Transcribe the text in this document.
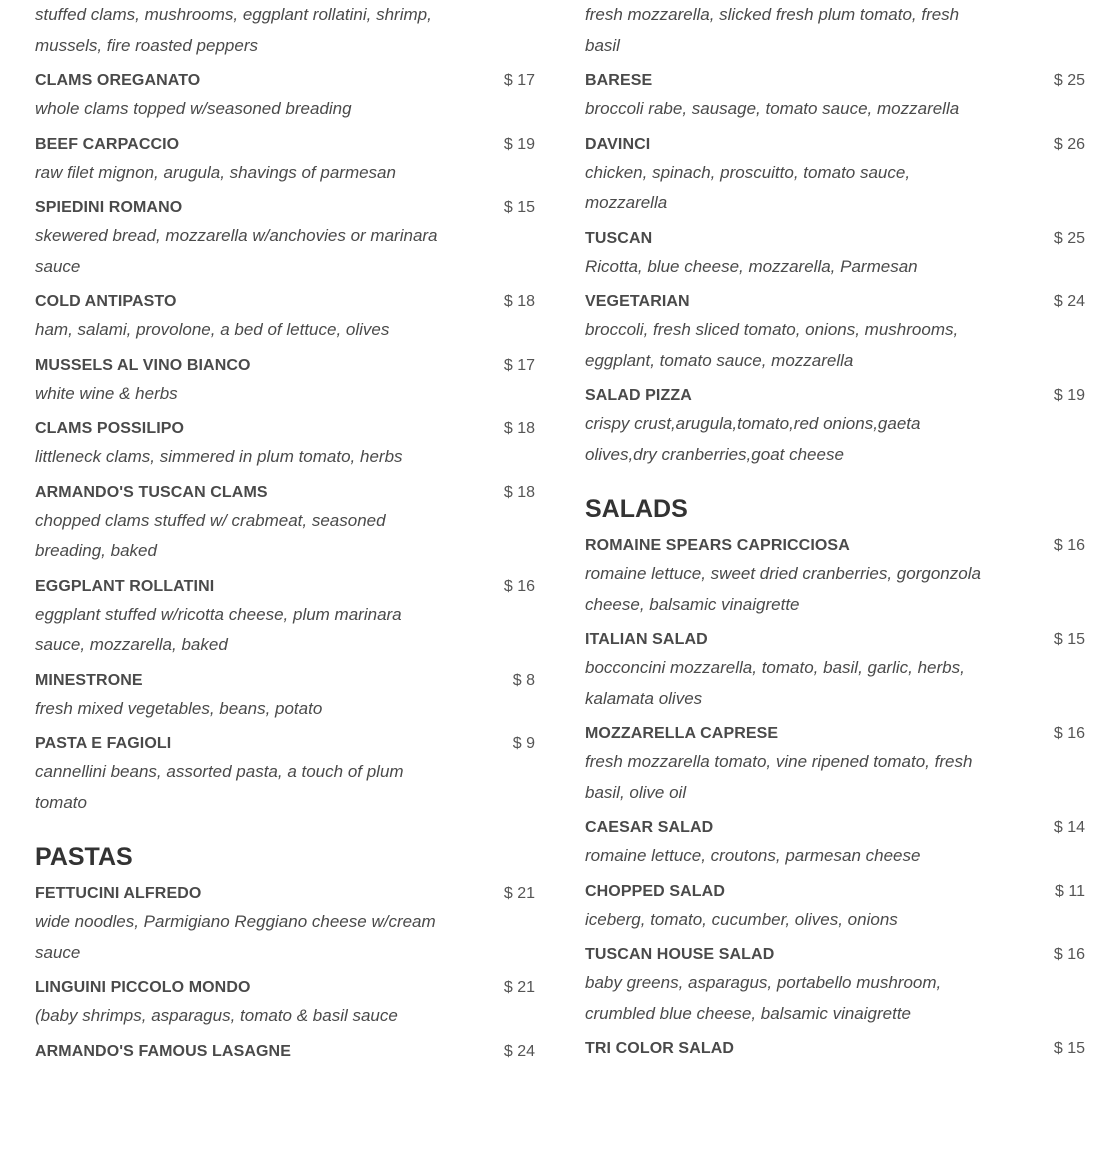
stuffed clams, mushrooms, eggplant rollatini, shrimp, mussels, fire roasted peppers
CLAMS OREGANATO	$ 17
whole clams topped w/seasoned breading
BEEF CARPACCIO	$ 19
raw filet mignon, arugula, shavings of parmesan
SPIEDINI ROMANO	$ 15
skewered bread, mozzarella w/anchovies or marinara sauce
COLD ANTIPASTO	$ 18
ham, salami, provolone, a bed of lettuce, olives
MUSSELS AL VINO BIANCO	$ 17
white wine & herbs
CLAMS POSSILIPO	$ 18
littleneck clams, simmered in plum tomato, herbs
ARMANDO'S TUSCAN CLAMS	$ 18
chopped clams stuffed w/ crabmeat, seasoned breading, baked
EGGPLANT ROLLATINI	$ 16
eggplant stuffed w/ricotta cheese, plum marinara sauce, mozzarella, baked
MINESTRONE	$ 8
fresh mixed vegetables, beans, potato
PASTA E FAGIOLI	$ 9
cannellini beans, assorted pasta, a touch of plum tomato
PASTAS
FETTUCINI ALFREDO	$ 21
wide noodles, Parmigiano Reggiano cheese w/cream sauce
LINGUINI PICCOLO MONDO	$ 21
(baby shrimps, asparagus, tomato & basil sauce
ARMANDO'S FAMOUS LASAGNE	$ 24
fresh mozzarella, slicked fresh plum tomato, fresh basil
BARESE	$ 25
broccoli rabe, sausage, tomato sauce, mozzarella
DAVINCI	$ 26
chicken, spinach, proscuitto, tomato sauce, mozzarella
TUSCAN	$ 25
Ricotta, blue cheese, mozzarella, Parmesan
VEGETARIAN	$ 24
broccoli, fresh sliced tomato, onions, mushrooms, eggplant, tomato sauce, mozzarella
SALAD PIZZA	$ 19
crispy crust,arugula,tomato,red onions,gaeta olives,dry cranberries,goat cheese
SALADS
ROMAINE SPEARS CAPRICCIOSA	$ 16
romaine lettuce, sweet dried cranberries, gorgonzola cheese, balsamic vinaigrette
ITALIAN SALAD	$ 15
bocconcini mozzarella, tomato, basil, garlic, herbs, kalamata olives
MOZZARELLA CAPRESE	$ 16
fresh mozzarella tomato, vine ripened tomato, fresh basil, olive oil
CAESAR SALAD	$ 14
romaine lettuce, croutons, parmesan cheese
CHOPPED SALAD	$ 11
iceberg, tomato, cucumber, olives, onions
TUSCAN HOUSE SALAD	$ 16
baby greens, asparagus, portabello mushroom, crumbled blue cheese, balsamic vinaigrette
TRI COLOR SALAD	$ 15
